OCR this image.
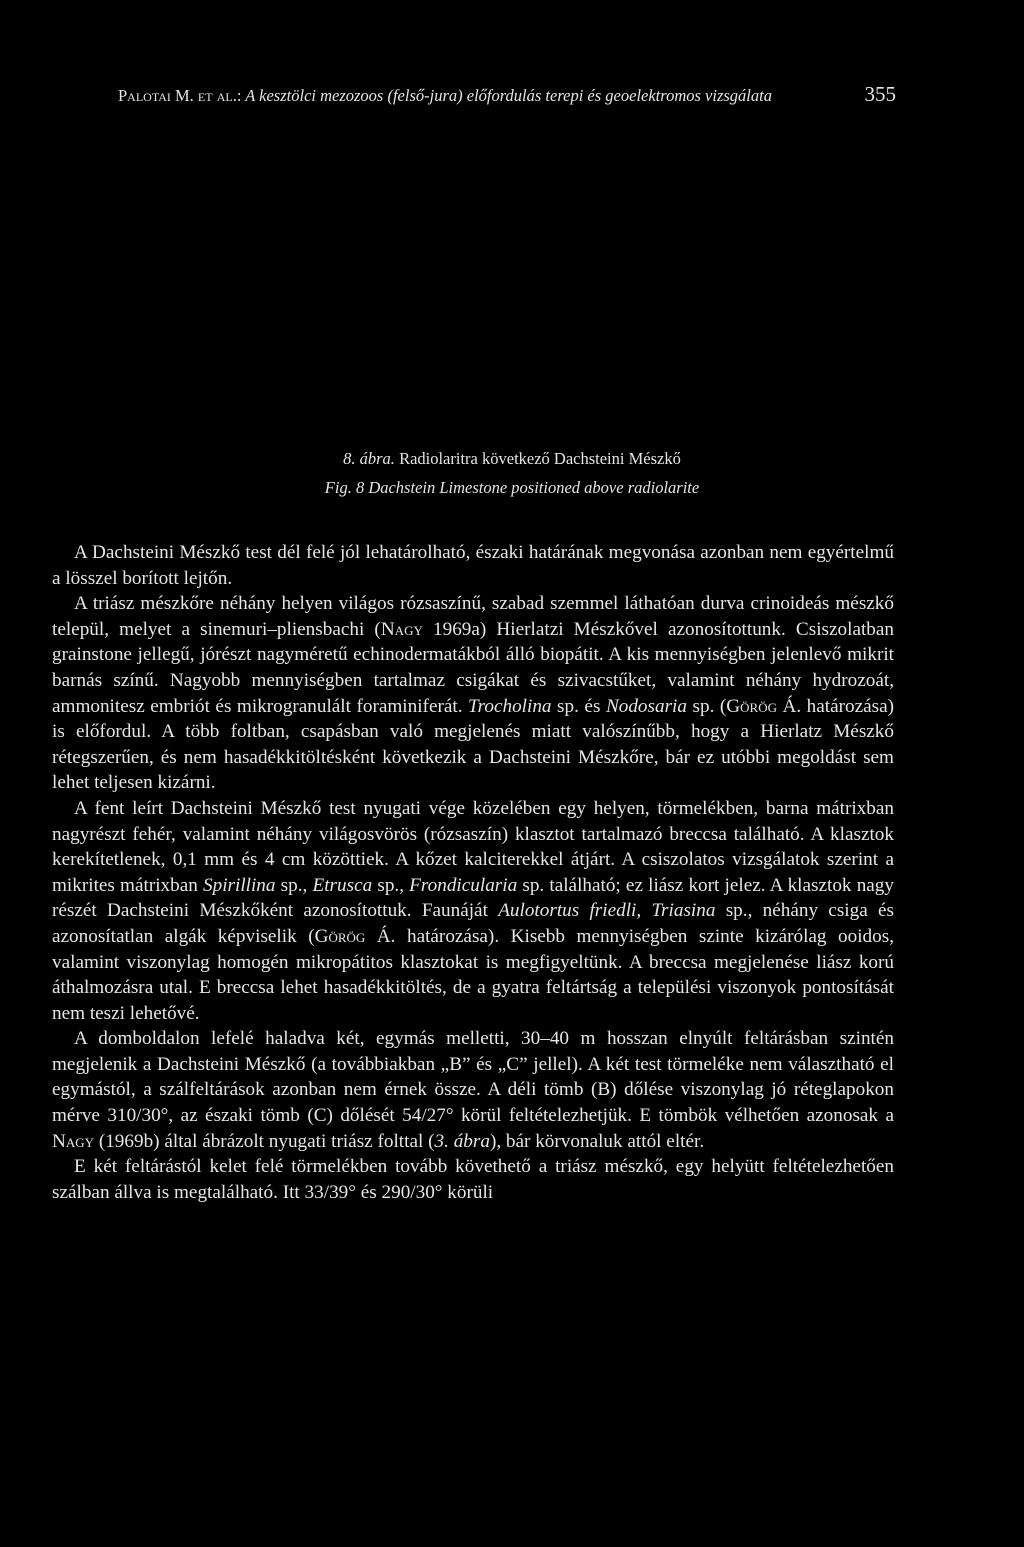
Palotai M. et al.: A kesztölci mezozoos (felső-jura) előfordulás terepi és geoelektromos vizsgálata	355
8. ábra. Radiolaritra következő Dachsteini Mészkő
Fig. 8 Dachstein Limestone positioned above radiolarite

A Dachsteini Mészkő test dél felé jól lehatárolható, északi határának megvonása azonban nem egyértelmű a lösszel borított lejtőn.

A triász mészkőre néhány helyen világos rózsaszínű, szabad szemmel láthatóan durva crinoideás mészkő települ, melyet a sinemuri–pliensbachi (Nagy 1969a) Hierlatzi Mészkővel azonosítottunk. Csiszolatban grainstone jellegű, jórészt nagyméretű echinodermatákból álló biopátit. A kis mennyiségben jelenlevő mikrit barnás színű. Nagyobb mennyiségben tartalmaz csigákat és szivacstűket, valamint néhány hydrozoát, ammonitesz embriót és mikrogranulált foraminiferát. Trocholina sp. és Nodosaria sp. (Görög Á. határozása) is előfordul. A több foltban, csapásban való megjelenés miatt valószínűbb, hogy a Hierlatz Mészkő rétegszerűen, és nem hasadékkitöltésként következik a Dachsteini Mészkőre, bár ez utóbbi megoldást sem lehet teljesen kizárni.

A fent leírt Dachsteini Mészkő test nyugati vége közelében egy helyen, törmelékben, barna mátrixban nagyrészt fehér, valamint néhány világosvörös (rózsaszín) klasztot tartalmazó breccsa található. A klasztok kerekítetlenek, 0,1 mm és 4 cm közöttiek. A kőzet kalciterekkel átjárt. A csiszolatos vizsgálatok szerint a mikrites mátrixban Spirillina sp., Etrusca sp., Frondicularia sp. található; ez liász kort jelez. A klasztok nagy részét Dachsteini Mészkőként azonosítottuk. Faunáját Aulotortus friedli, Triasina sp., néhány csiga és azonosítatlan algák képviselik (Görög Á. határozása). Kisebb mennyiségben szinte kizárólag ooidos, valamint viszonylag homogén mikropátitos klasztokat is megfigyeltünk. A breccsa megjelenése liász korú áthalmozásra utal. E breccsa lehet hasadékkitöltés, de a gyatra feltártság a települési viszonyok pontosítását nem teszi lehetővé.

A domboldalon lefelé haladva két, egymás melletti, 30–40 m hosszan elnyúlt feltárásban szintén megjelenik a Dachsteini Mészkő (a továbbiakban „B” és „C” jellel). A két test törmeléke nem választható el egymástól, a szálfeltárások azonban nem érnek össze. A déli tömb (B) dőlése viszonylag jó réteglapokon mérve 310/30°, az északi tömb (C) dőlését 54/27° körül feltételezhetjük. E tömbök vélhetően azonosak a Nagy (1969b) által ábrázolt nyugati triász folttal (3. ábra), bár körvonaluk attól eltér.

E két feltárástól kelet felé törmelékben tovább követhető a triász mészkő, egy helyütt feltételezhetően szálban állva is megtalálható. Itt 33/39° és 290/30° körüli
